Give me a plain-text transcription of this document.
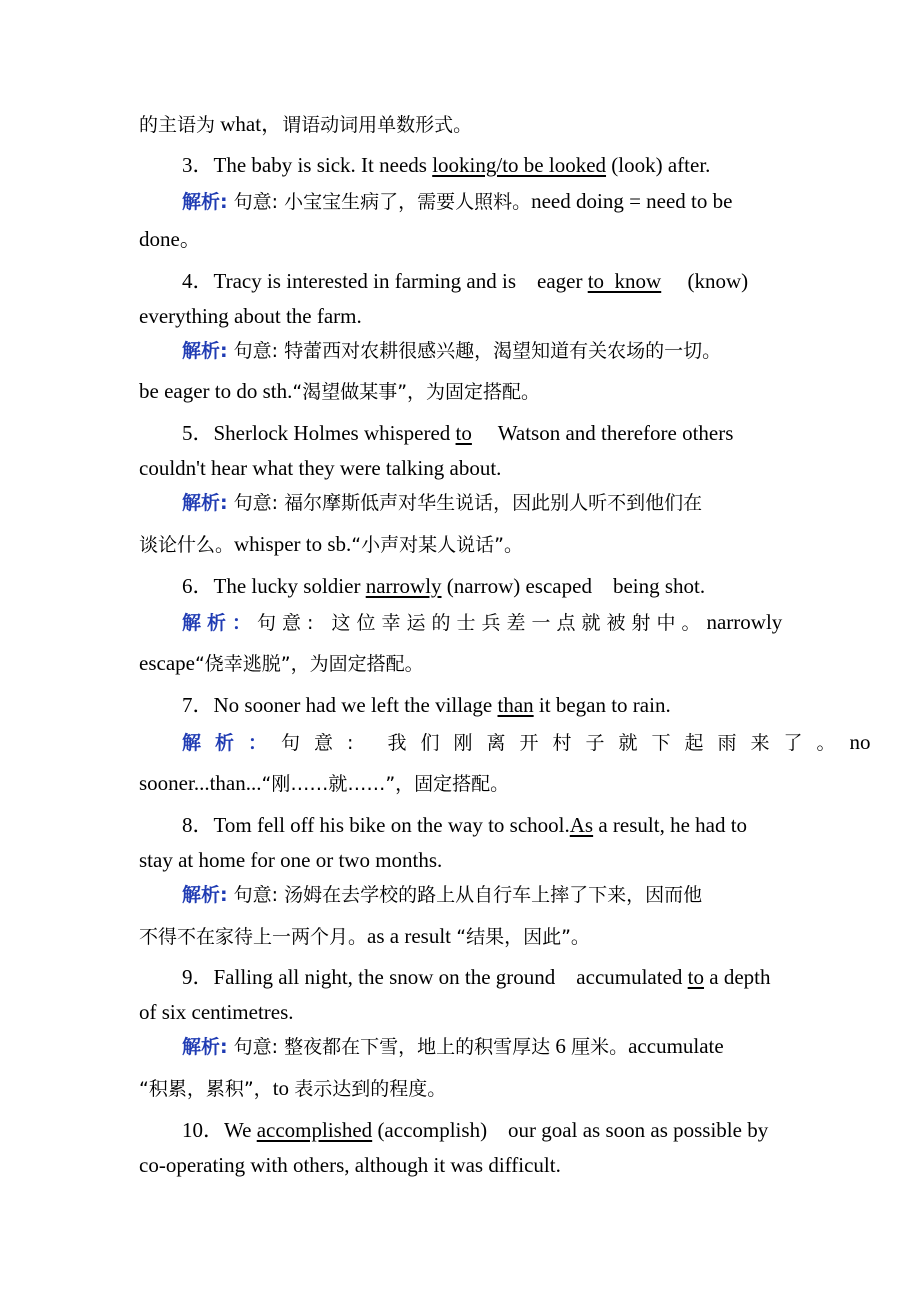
的主语为 what，谓语动词用单数形式。
3．The baby is sick. It needs looking/to be looked (look) after.
解析: 句意: 小宝宝生病了，需要人照料。need doing = need to be
done。
4．Tracy is interested in farming and is    eager to  know     (know)
everything about the farm.
解析: 句意: 特蕾西对农耕很感兴趣，渴望知道有关农场的一切。
be eager to do sth.“渴望做某事”，为固定搭配。
5．Sherlock Holmes whispered to     Watson and therefore others
couldn't hear what they were talking about.
解析: 句意: 福尔摩斯低声对华生说话，因此别人听不到他们在
谈论什么。whisper to sb.“小声对某人说话”。
6．The lucky soldier narrowly (narrow) escaped    being shot.
解析：句意: 这位幸运的士兵差一点就被射中。narrowly
escape“侥幸逃脱”，为固定搭配。
7．No sooner had we left the village than it began to rain.
解析：句意: 我们刚离开村子就下起雨来了。no
sooner...than...“刚……就……”，固定搭配。
8．Tom fell off his bike on the way to school.As a result, he had to
stay at home for one or two months.
解析: 句意: 汤姆在去学校的路上从自行车上摔了下来，因而他
不得不在家待上一两个月。as a result “结果，因此”。
9．Falling all night, the snow on the ground    accumulated to a depth
of six centimetres.
解析: 句意: 整夜都在下雪，地上的积雪厚达 6 厘米。accumulate
“积累，累积”，to 表示达到的程度。
10．We accomplished (accomplish)    our goal as soon as possible by
co-operating with others, although it was difficult.
